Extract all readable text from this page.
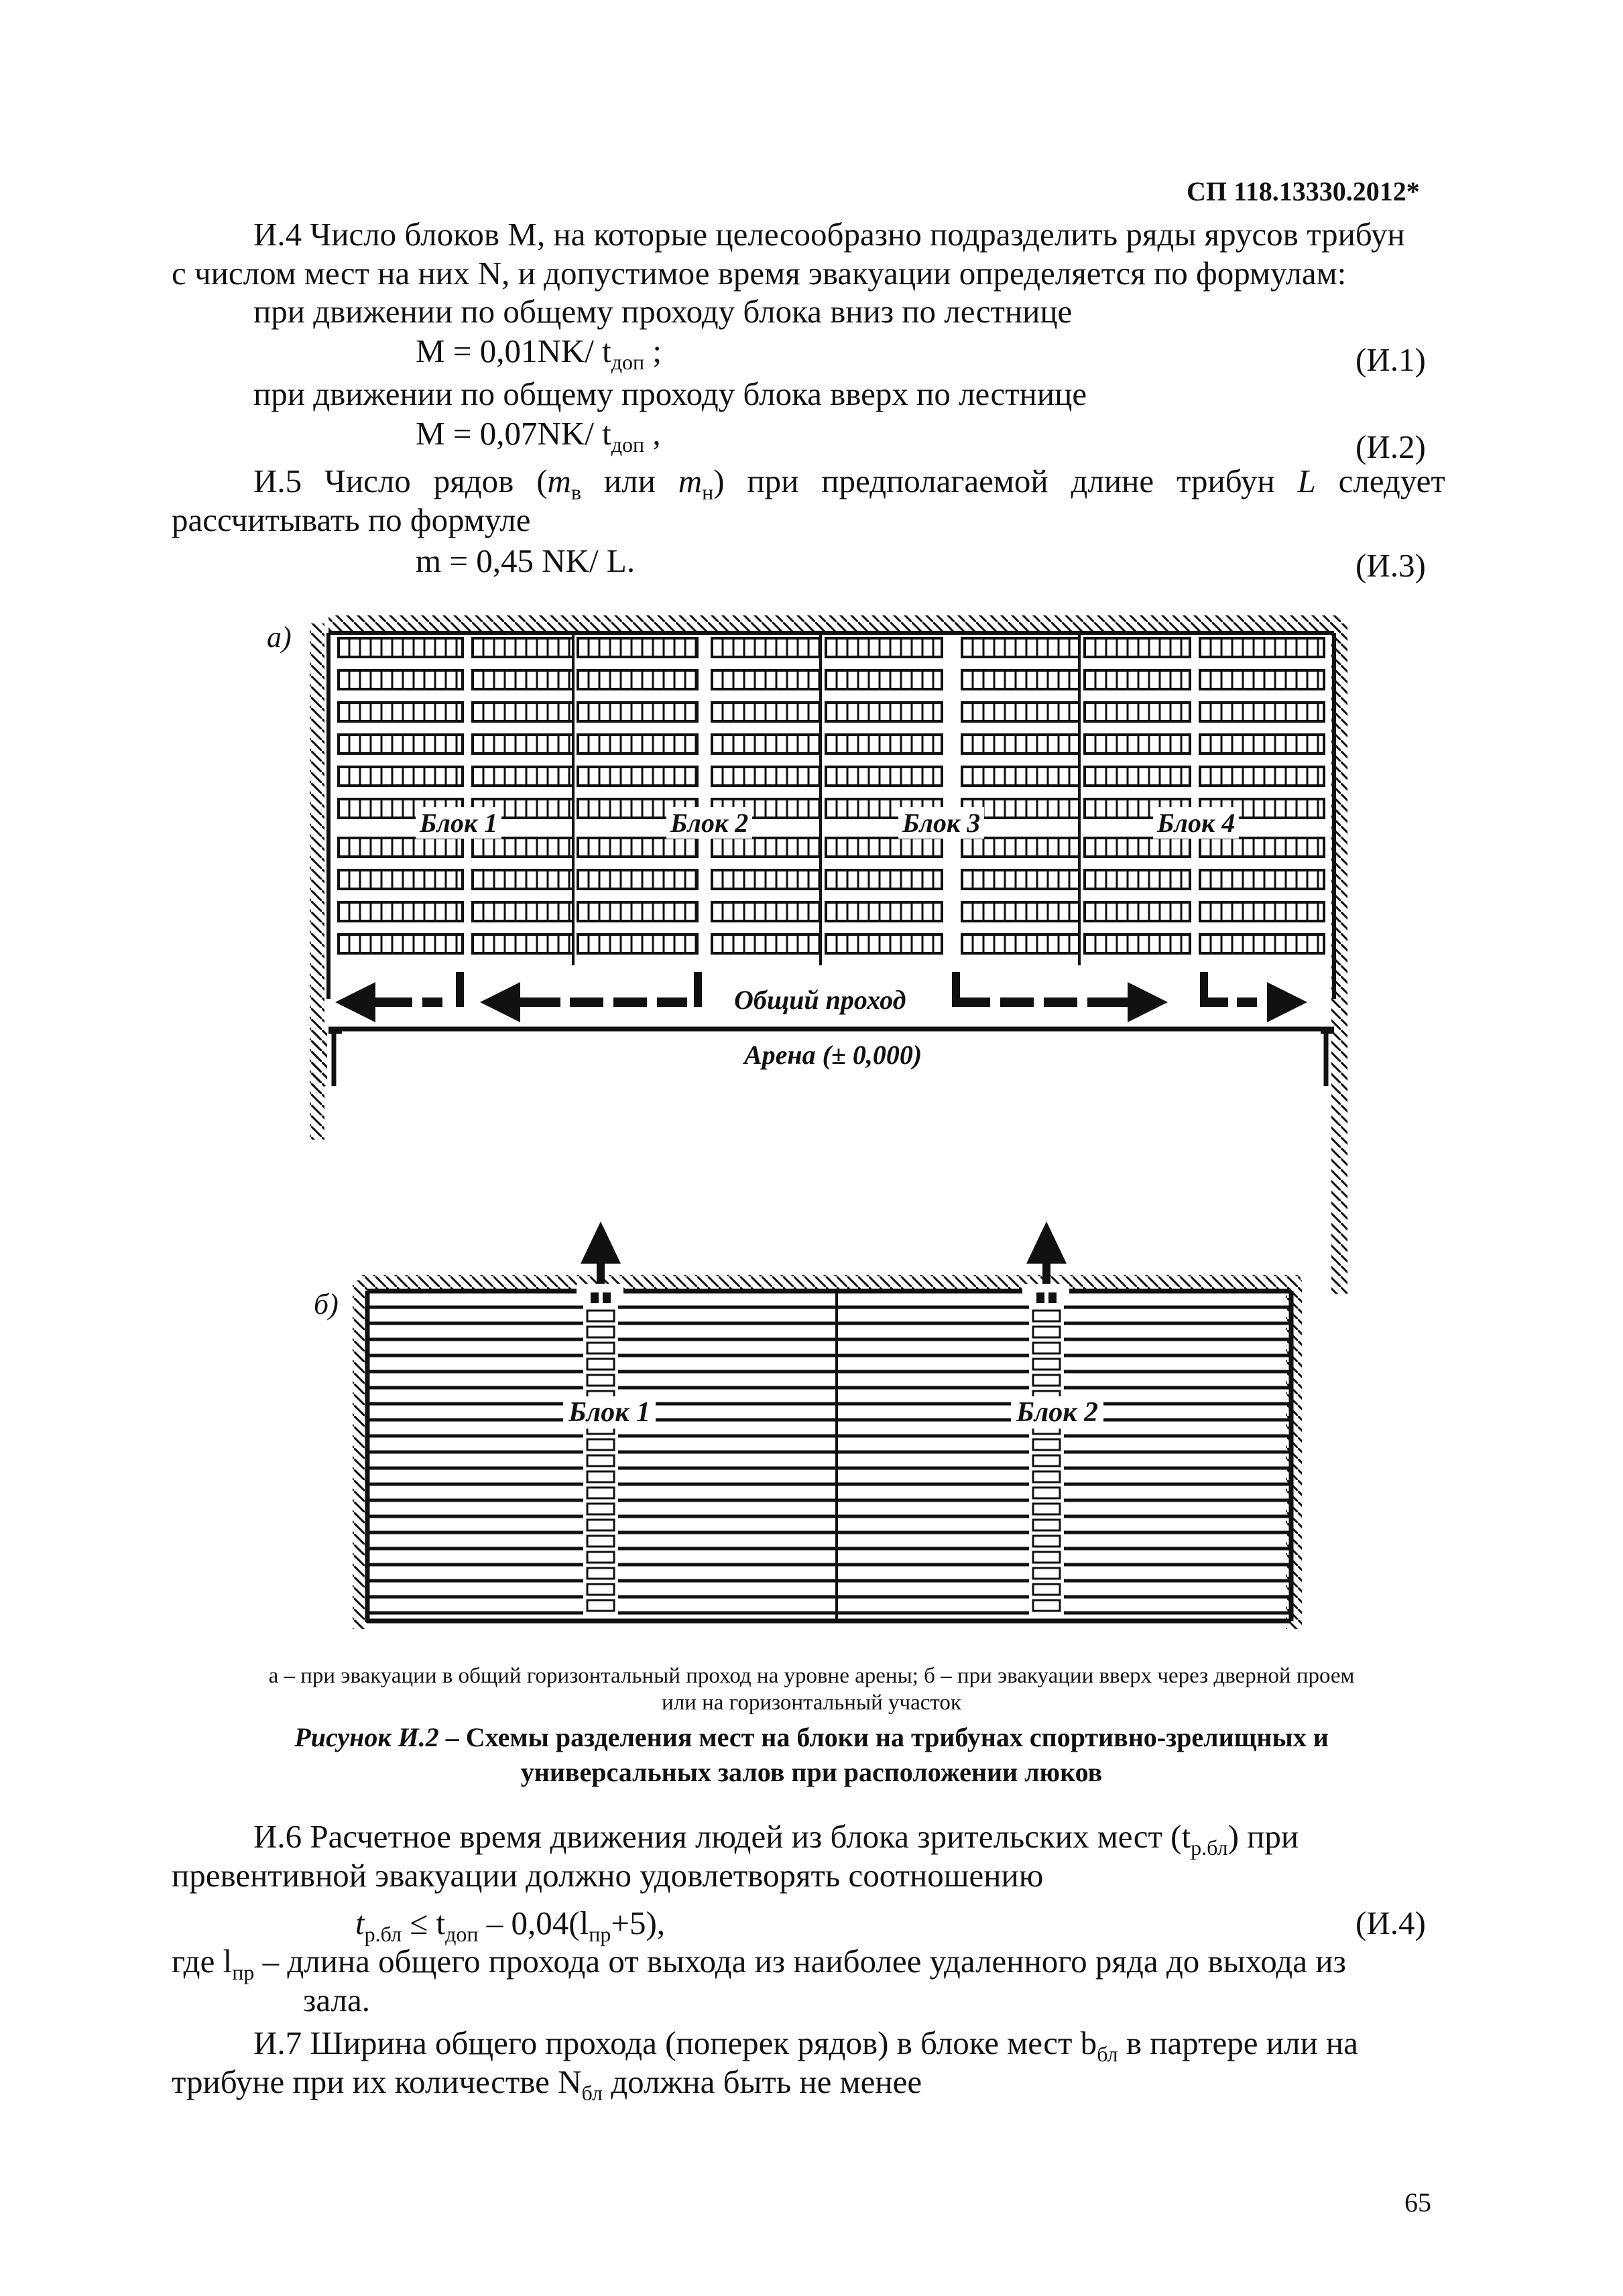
СП 118.13330.2012*
И.4 Число блоков М, на которые целесообразно подразделить ряды ярусов трибун
с числом мест на них N, и допустимое время эвакуации определяется по формулам:
при движении по общему проходу блока вниз по лестнице
M = 0,01NK/ $t_{доп}$ ;	(И.1)
при движении по общему проходу блока вверх по лестнице
M = 0,07NK/ $t_{доп}$ ,	(И.2)
И.5 Число рядов ($m_в$ или $m_н$) при предполагаемой длине трибун L следует
рассчитывать по формуле
m = 0,45 NK/ L.	(И.3)
а)
Блок 1	Блок 2	Блок 3	Блок 4
Общий проход
Арена (± 0,000)
б)
Блок 1	Блок 2
а – при эвакуации в общий горизонтальный проход на уровне арены; б – при эвакуации вверх через дверной проем
или на горизонтальный участок
Рисунок И.2 – Схемы разделения мест на блоки на трибунах спортивно-зрелищных и
универсальных залов при расположении люков
И.6 Расчетное время движения людей из блока зрительских мест $(t_{р.бл})$ при
превентивной эвакуации должно удовлетворять соотношению
$t_{р.бл} \le t_{доп} - 0,04(l_{пр}+5)$,	(И.4)
где $l_{пр}$ – длина общего прохода от выхода из наиболее удаленного ряда до выхода из
зала.
И.7 Ширина общего прохода (поперек рядов) в блоке мест $b_{бл}$ в партере или на
трибуне при их количестве $N_{бл}$ должна быть не менее
65
